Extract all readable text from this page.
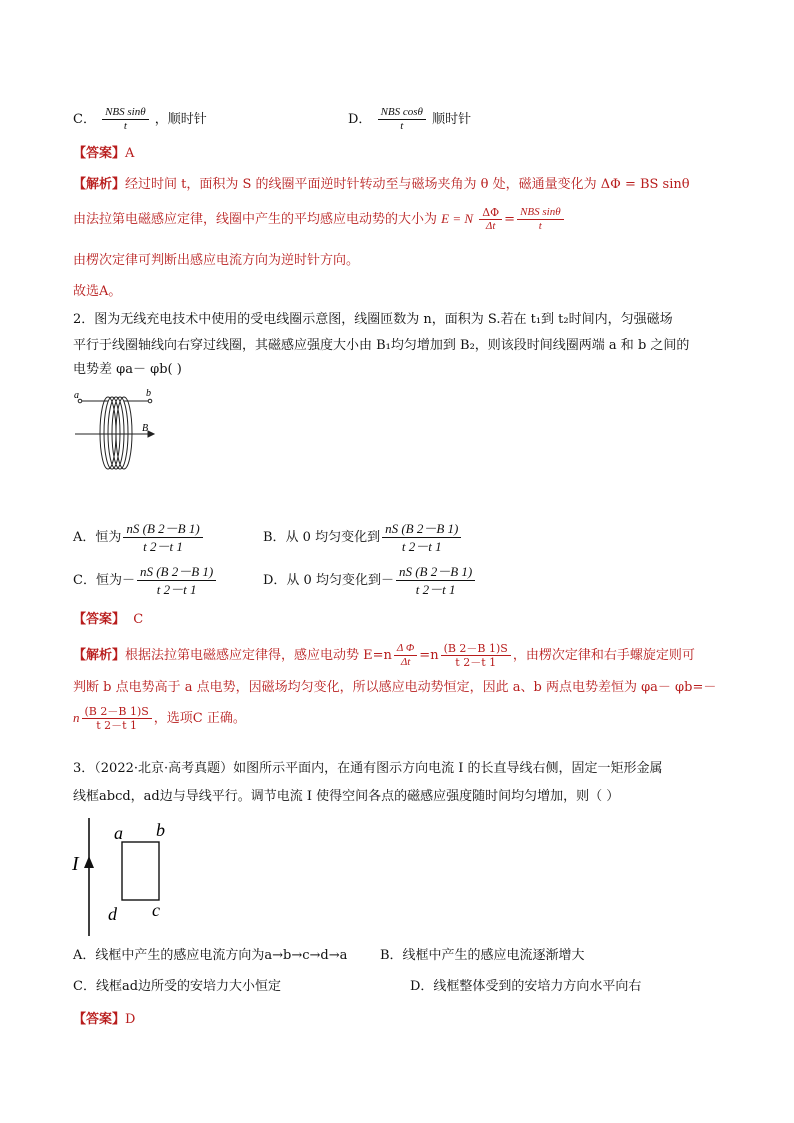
C． $\frac{\text{NBS sinθ}}{t}$ ，顺时针	D． $\frac{\text{NBS cosθ}}{t}$ 顺时针
【答案】A
【解析】经过时间 t，面积为 S 的线圈平面逆时针转动至与磁场夹角为 θ 处，磁通量变化为 ΔΦ = BS sinθ
由法拉第电磁感应定律，线圈中产生的平均感应电动势的大小为 E = N $\frac{\Delta\Phi}{\Delta t} = \frac{\text{NBS sinθ}}{t}$
由楞次定律可判断出感应电流方向为逆时针方向。
故选A。
2．图为无线充电技术中使用的受电线圈示意图，线圈匝数为 n，面积为 S.若在 t₁到 t₂时间内，匀强磁场
平行于线圈轴线向右穿过线圈，其磁感应强度大小由 B₁均匀增加到 B₂，则该段时间线圈两端 a 和 b 之间的
电势差 φa－ φb( )
a	b
B
A．恒为 $\frac{nS (B 2-B 1)}{t 2-t 1}$	B．从 0 均匀变化到 $\frac{nS (B 2-B 1)}{t 2-t 1}$
C．恒为－ $\frac{nS (B 2-B 1)}{t 2-t 1}$	D．从 0 均匀变化到－ $\frac{nS (B 2-B 1)}{t 2-t 1}$
【答案】 C
【解析】根据法拉第电磁感应定律得，感应电动势 $E=n \frac{\text{Δ Φ}}{\Delta t} =n \frac{(B 2-B 1)S}{t 2-t 1}$ ，由楞次定律和右手螺旋定则可
判断 b 点电势高于 a 点电势，因磁场均匀变化，所以感应电动势恒定，因此 a、b 两点电势差恒为 φa－ φb=－
n $\frac{(B 2-B 1)S}{t 2-t 1}$ ，选项C 正确。
3．（2022·北京·高考真题）如图所示平面内，在通有图示方向电流 I 的长直导线右侧，固定一矩形金属
线框abcd，ad边与导线平行。调节电流 I 使得空间各点的磁感应强度随时间均匀增加，则（ ）
I
a b
c
d
A．线框中产生的感应电流方向为a→b→c→d→a	B．线框中产生的感应电流逐渐增大
C．线框ad边所受的安培力大小恒定	D．线框整体受到的安培力方向水平向右
【答案】D
